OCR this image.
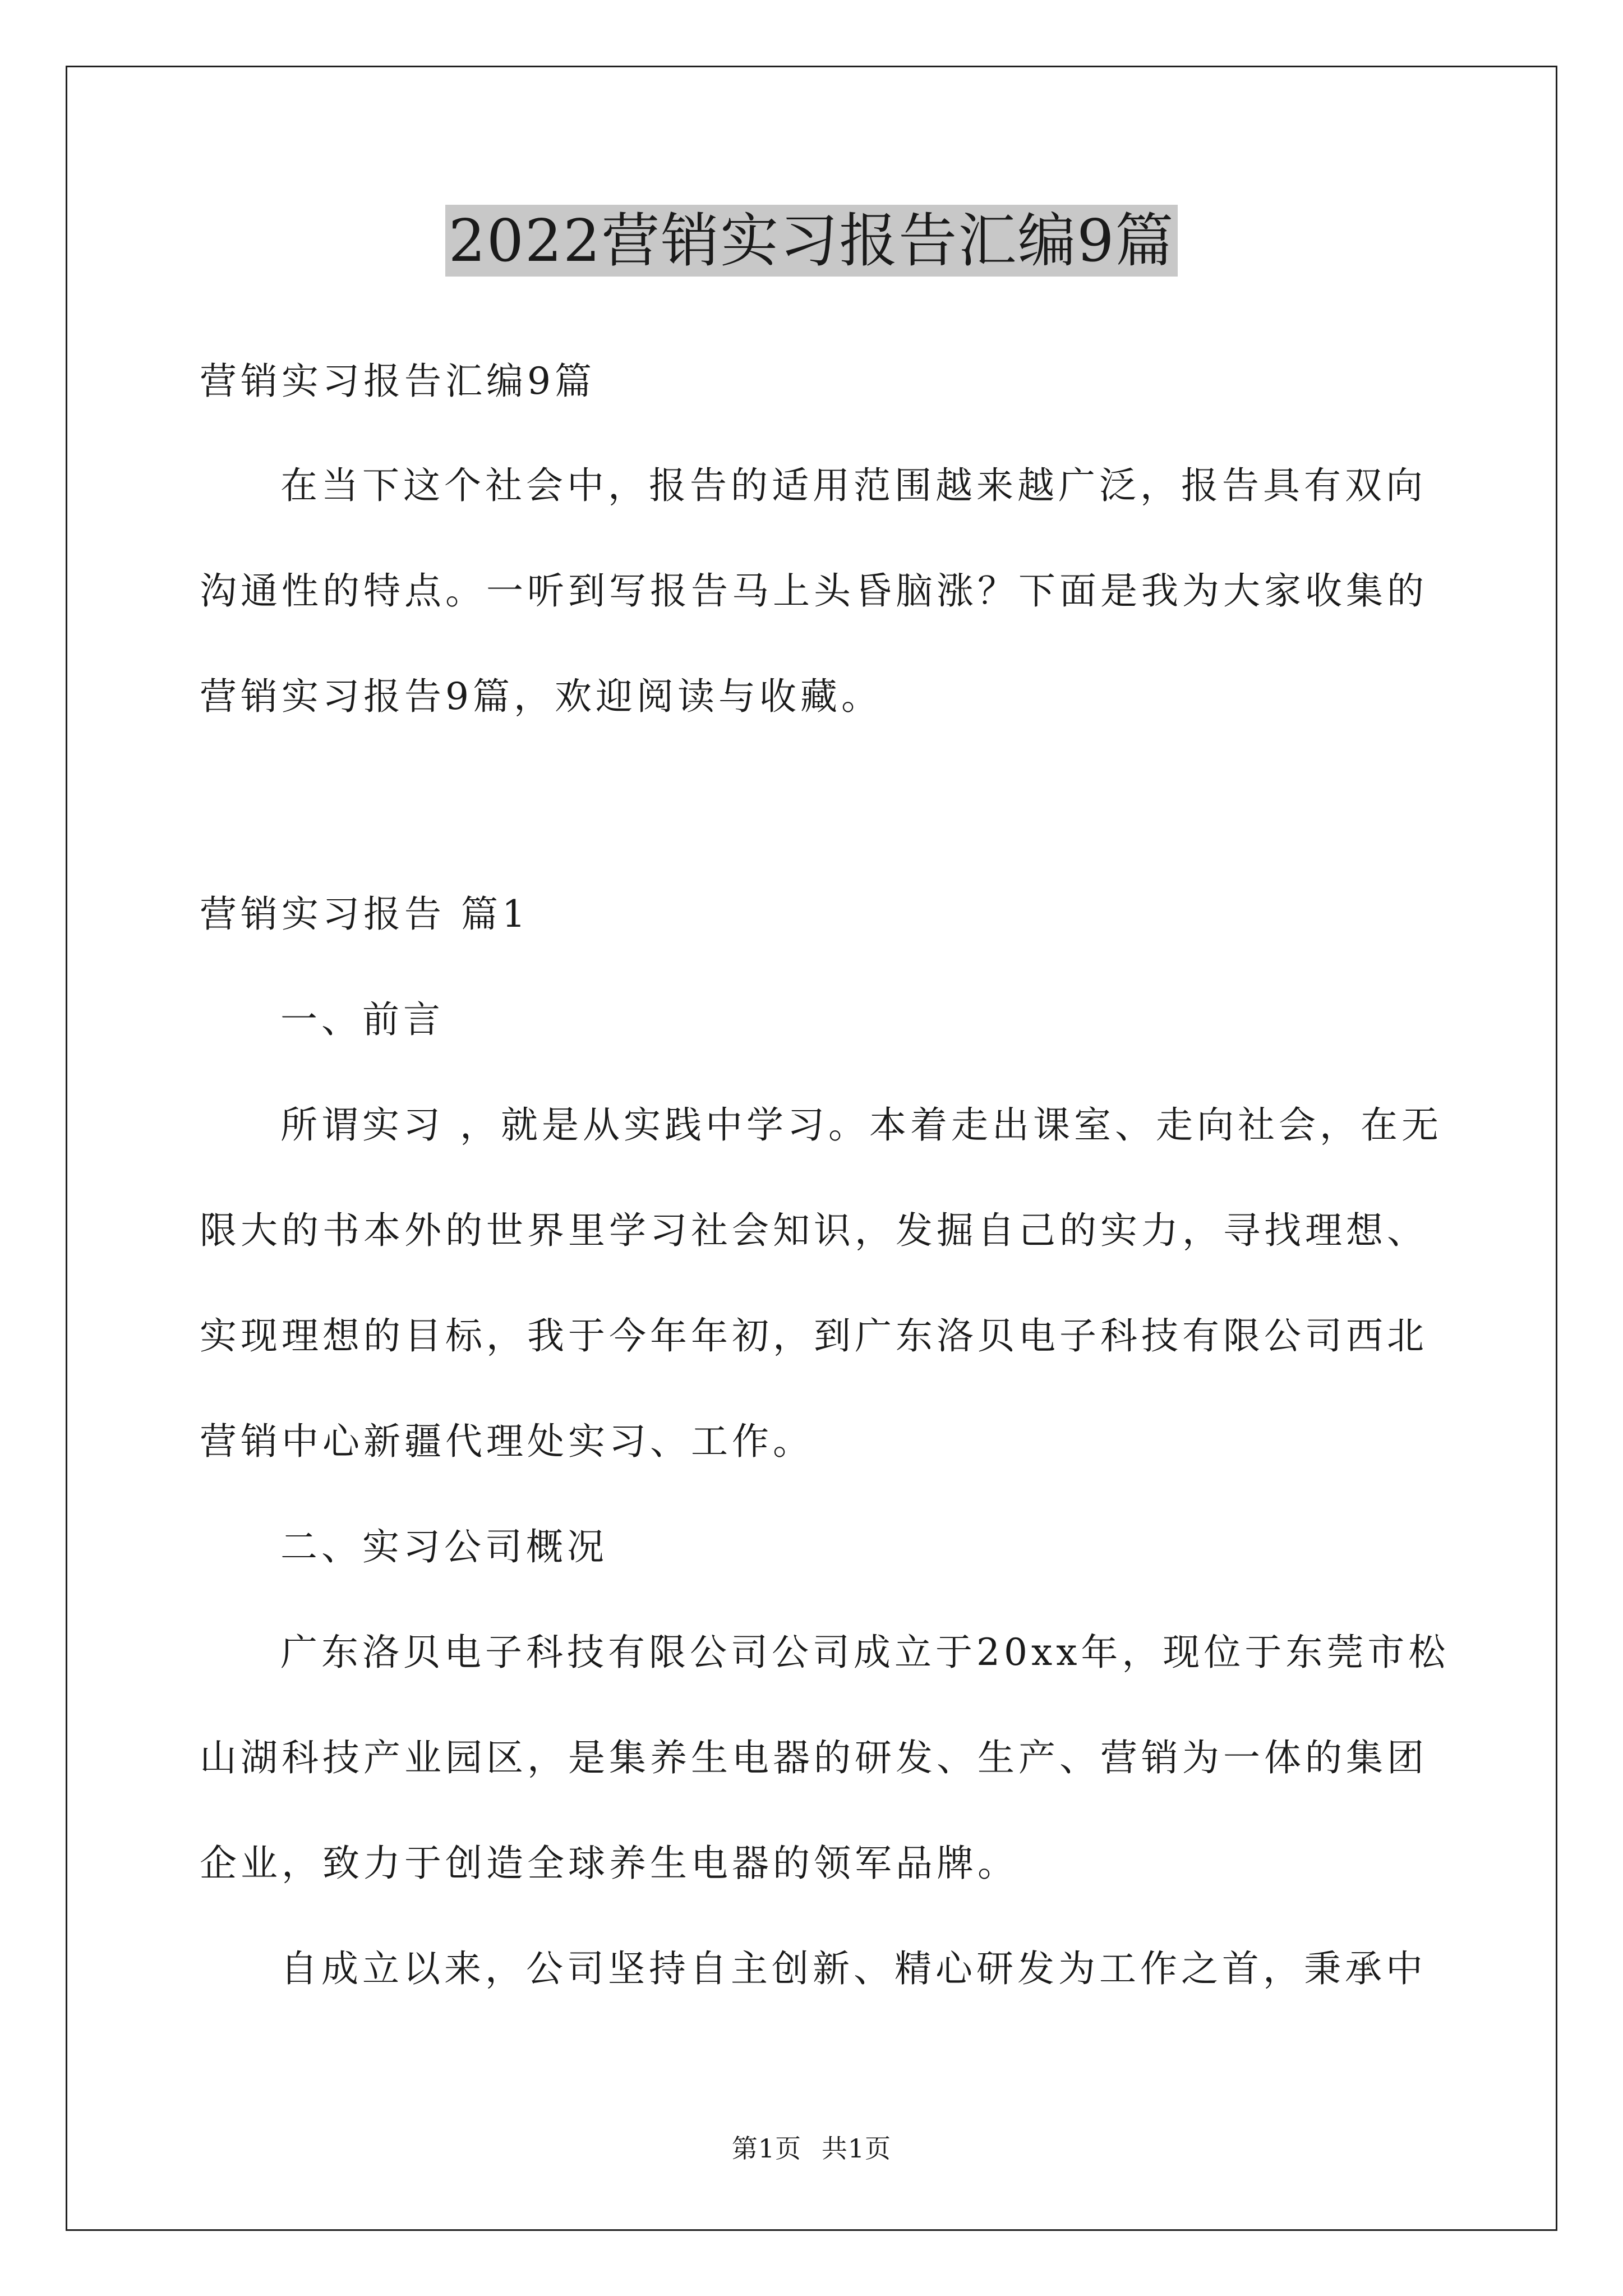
2022营销实习报告汇编9篇
营销实习报告汇编9篇
在当下这个社会中，报告的适用范围越来越广泛，报告具有双向
沟通性的特点。一听到写报告马上头昏脑涨？下面是我为大家收集的
营销实习报告9篇，欢迎阅读与收藏。
营销实习报告 篇1
一、前言
所谓实习 ，就是从实践中学习。本着走出课室、走向社会，在无
限大的书本外的世界里学习社会知识，发掘自己的实力，寻找理想、
实现理想的目标，我于今年年初，到广东洛贝电子科技有限公司西北
营销中心新疆代理处实习、工作。
二、实习公司概况
广东洛贝电子科技有限公司公司成立于20xx年，现位于东莞市松
山湖科技产业园区，是集养生电器的研发、生产、营销为一体的集团
企业，致力于创造全球养生电器的领军品牌。
自成立以来，公司坚持自主创新、精心研发为工作之首，秉承中
第1页 共1页
